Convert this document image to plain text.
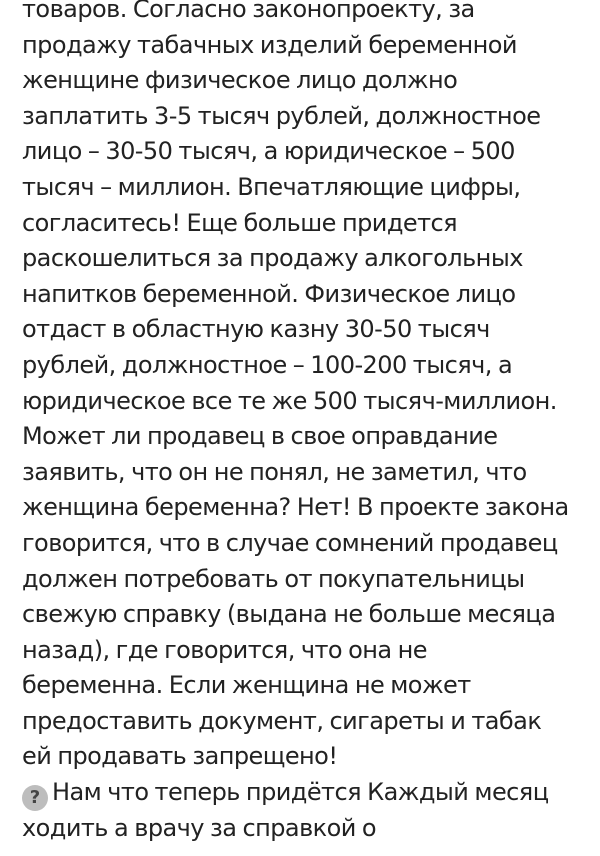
товаров. Согласно законопроекту, за
продажу табачных изделий беременной
женщине физическое лицо должно
заплатить 3-5 тысяч рублей, должностное
лицо – 30-50 тысяч, а юридическое – 500
тысяч – миллион. Впечатляющие цифры,
согласитесь! Еще больше придется
раскошелиться за продажу алкогольных
напитков беременной. Физическое лицо
отдаст в областную казну 30-50 тысяч
рублей, должностное – 100-200 тысяч, а
юридическое все те же 500 тысяч-миллион.
Может ли продавец в свое оправдание
заявить, что он не понял, не заметил, что
женщина беременна? Нет! В проекте закона
говорится, что в случае сомнений продавец
должен потребовать от покупательницы
свежую справку (выдана не больше месяца
назад), где говорится, что она не
беременна. Если женщина не может
предоставить документ, сигареты и табак
ей продавать запрещено!
? Нам что теперь придётся Каждый месяц
ходить а врачу за справкой о
